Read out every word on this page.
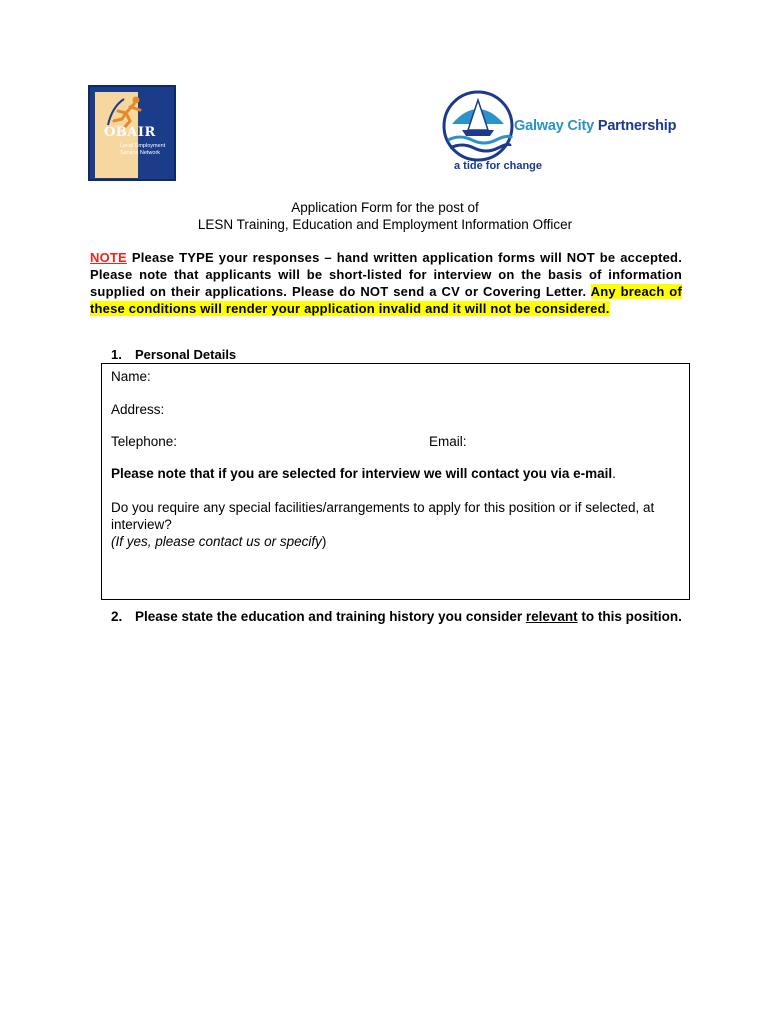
OBAIR
Local Employment Service Network
Galway City Partnership
a tide for change
Application Form for the post of
LESN Training, Education and Employment Information Officer
NOTE Please TYPE your responses – hand written application forms will NOT be accepted. Please note that applicants will be short-listed for interview on the basis of information supplied on their applications. Please do NOT send a CV or Covering Letter. Any breach of these conditions will render your application invalid and it will not be considered.
1. Personal Details
Name:
Address:
Telephone:	Email:
Please note that if you are selected for interview we will contact you via e-mail.
Do you require any special facilities/arrangements to apply for this position or if selected, at interview?
(If yes, please contact us or specify)
2. Please state the education and training history you consider relevant to this position.
